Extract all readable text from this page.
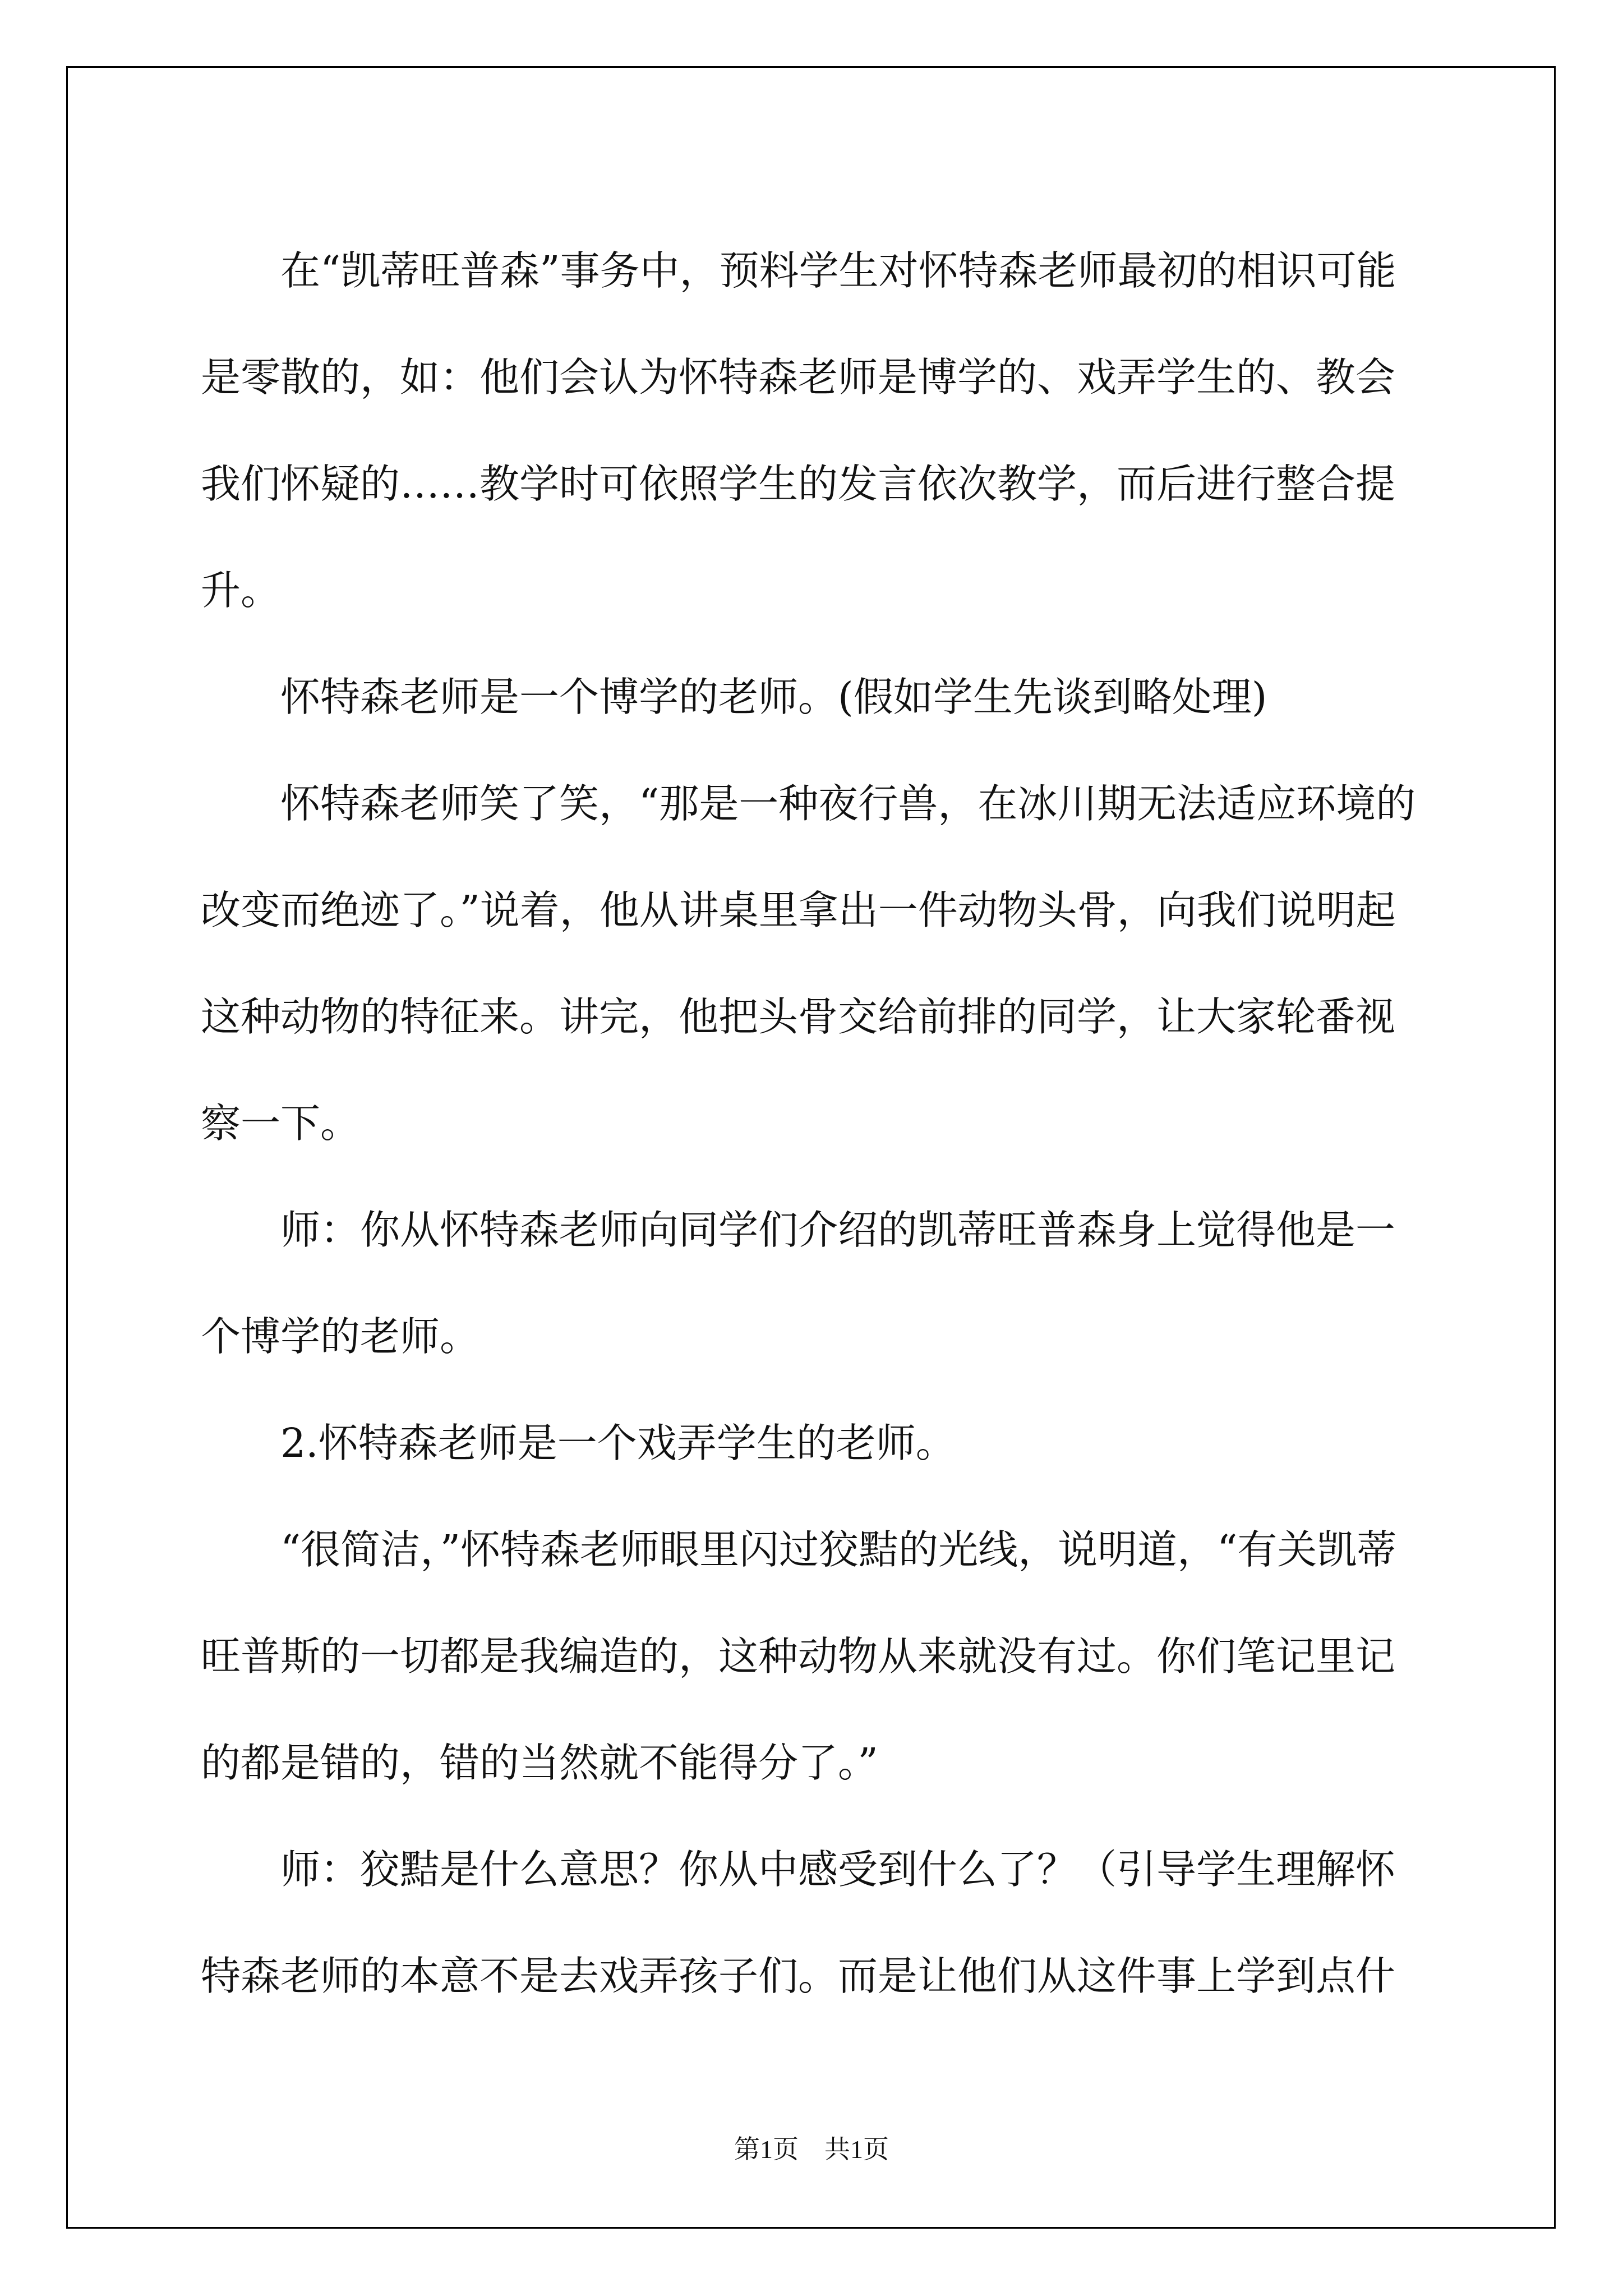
在“凯蒂旺普森”事务中，预料学生对怀特森老师最初的相识可能是零散的，如：他们会认为怀特森老师是博学的、戏弄学生的、教会我们怀疑的……教学时可依照学生的发言依次教学，而后进行整合提升。

怀特森老师是一个博学的老师。(假如学生先谈到略处理)

怀特森老师笑了笑，“那是一种夜行兽，在冰川期无法适应环境的改变而绝迹了。”说着，他从讲桌里拿出一件动物头骨，向我们说明起这种动物的特征来。讲完，他把头骨交给前排的同学，让大家轮番视察一下。

师：你从怀特森老师向同学们介绍的凯蒂旺普森身上觉得他是一个博学的老师。

2.怀特森老师是一个戏弄学生的老师。

“很简洁，”怀特森老师眼里闪过狡黠的光线，说明道，“有关凯蒂旺普斯的一切都是我编造的，这种动物从来就没有过。你们笔记里记的都是错的，错的当然就不能得分了。”

师：狡黠是什么意思？你从中感受到什么了？（引导学生理解怀特森老师的本意不是去戏弄孩子们。而是让他们从这件事上学到点什

第1页　共1页
